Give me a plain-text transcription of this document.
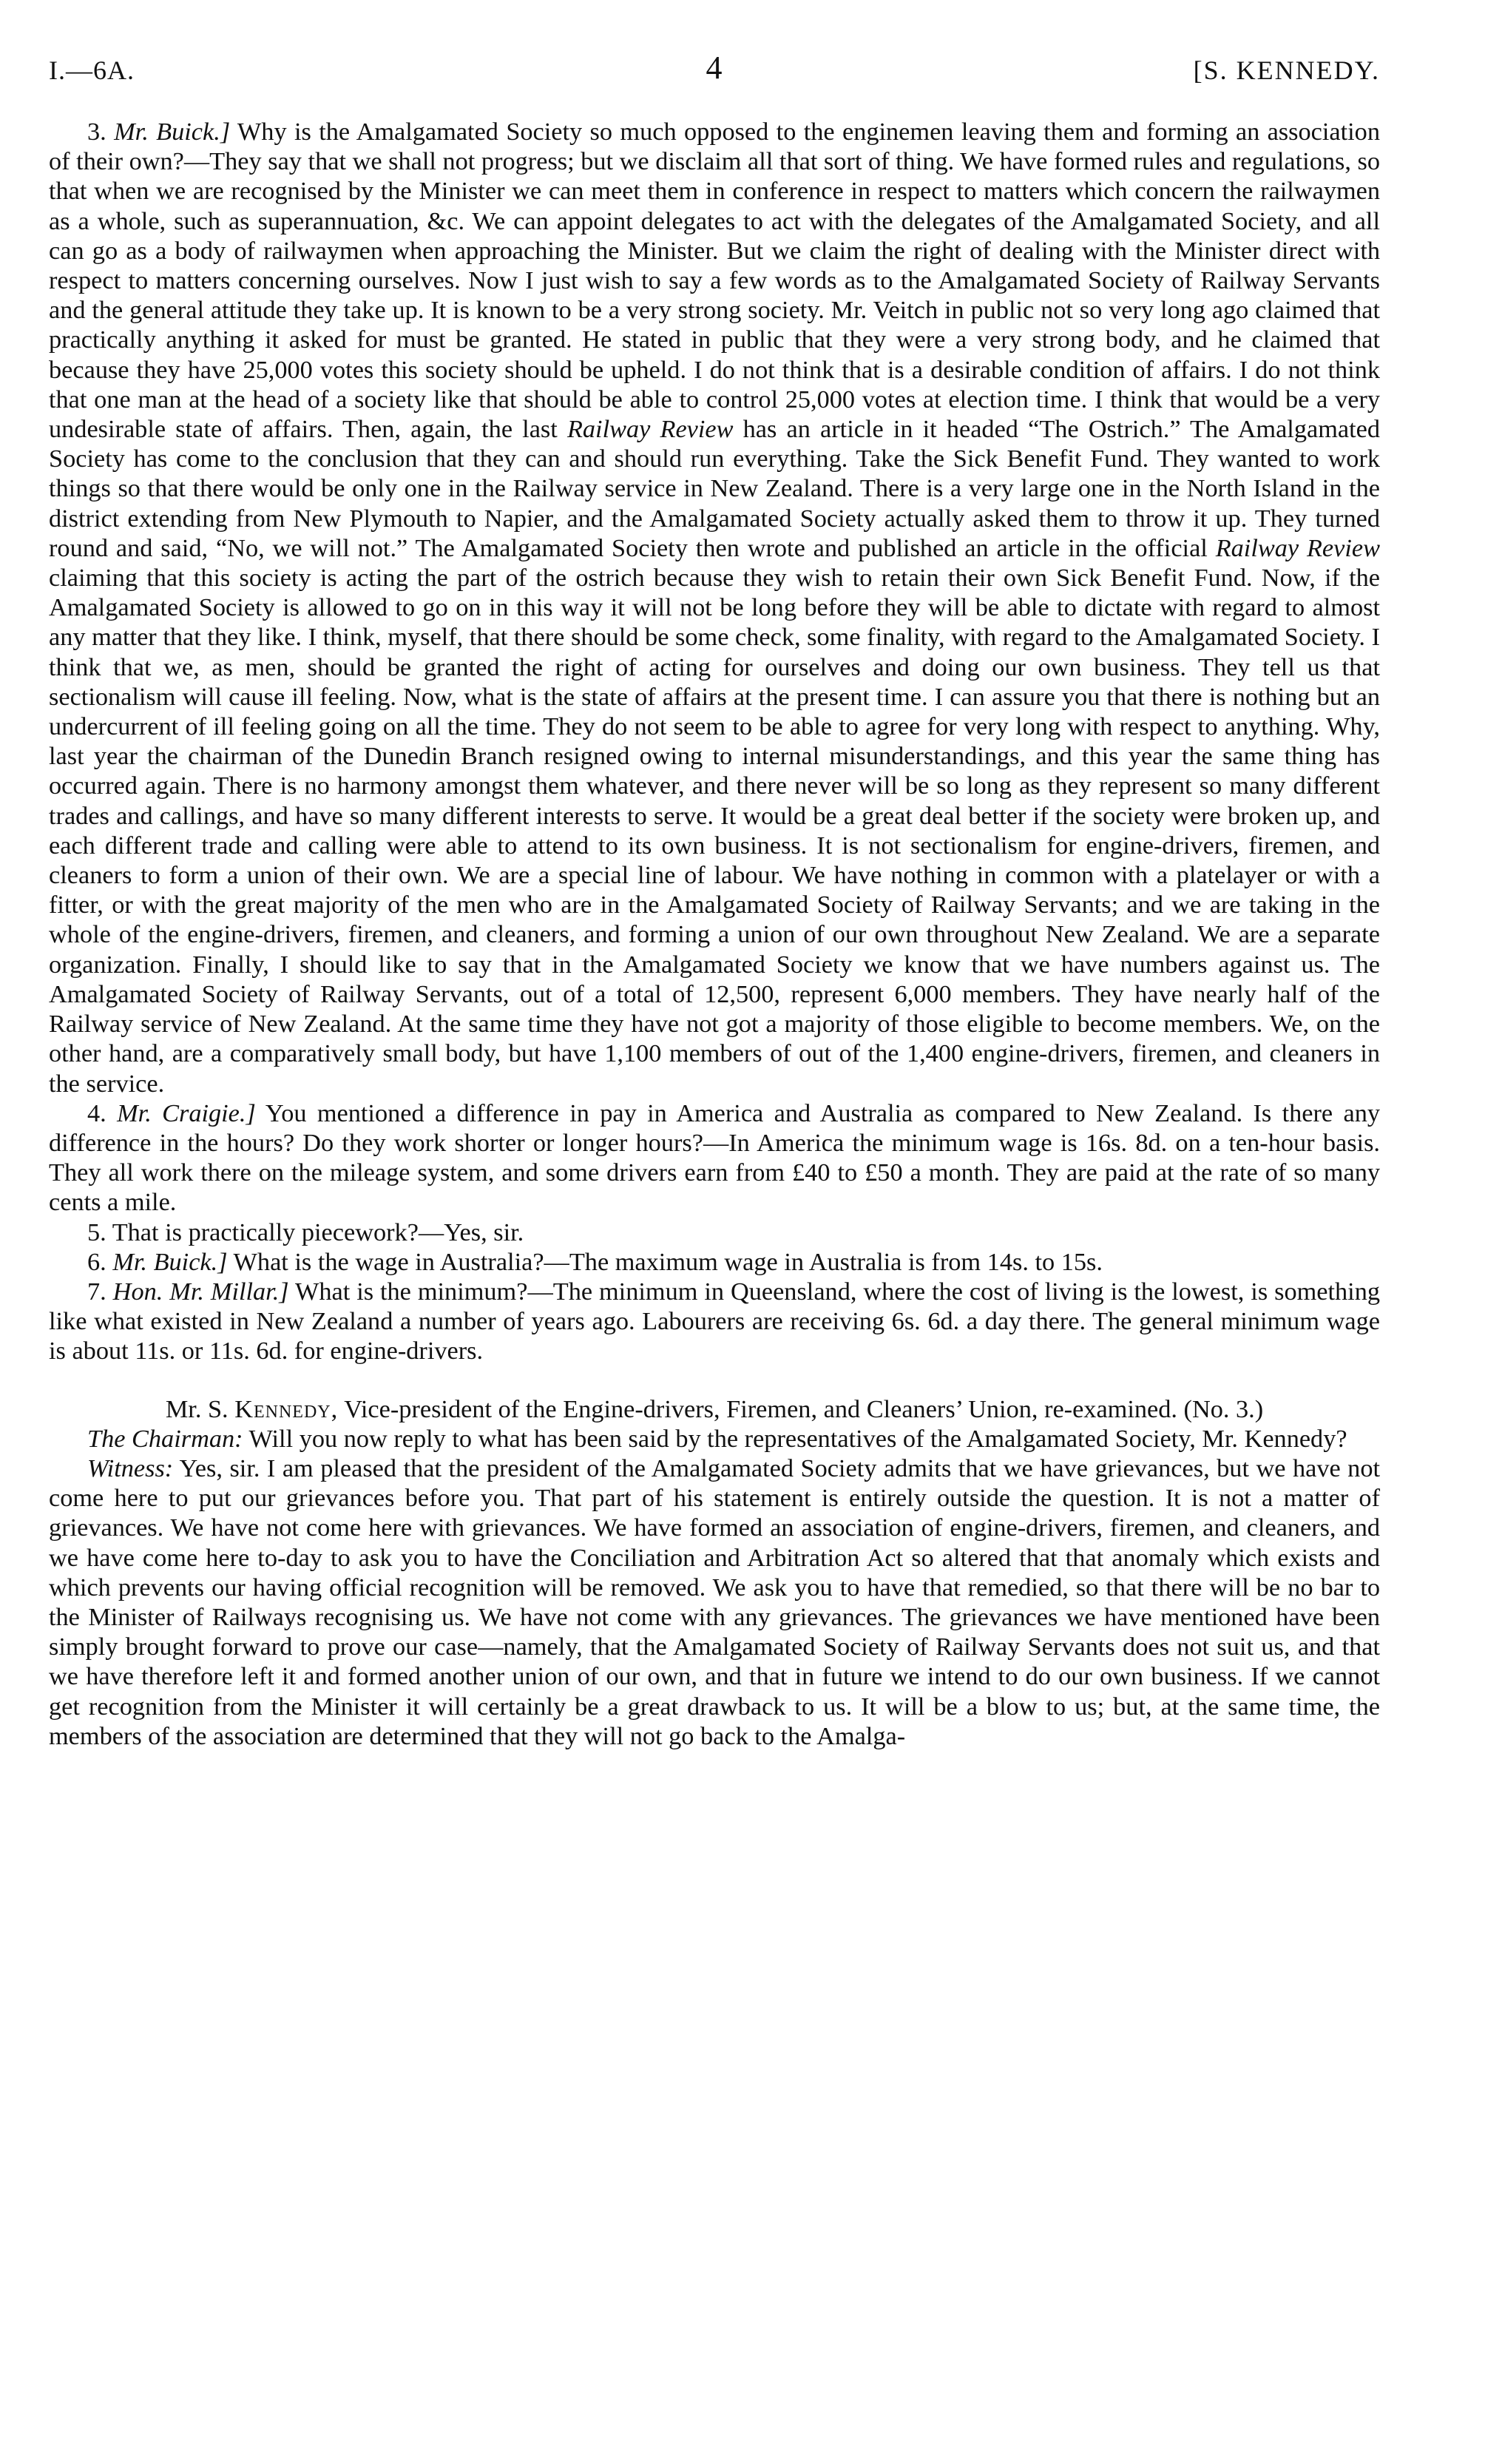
I.—6A.	4	[S. KENNEDY.

3. Mr. Buick.] Why is the Amalgamated Society so much opposed to the enginemen leaving them and forming an association of their own?—They say that we shall not progress; but we disclaim all that sort of thing. We have formed rules and regulations, so that when we are recognised by the Minister we can meet them in conference in respect to matters which concern the railwaymen as a whole, such as superannuation, &c. We can appoint delegates to act with the delegates of the Amalgamated Society, and all can go as a body of railwaymen when approaching the Minister. But we claim the right of dealing with the Minister direct with respect to matters concerning ourselves. Now I just wish to say a few words as to the Amalgamated Society of Railway Servants and the general attitude they take up. It is known to be a very strong society. Mr. Veitch in public not so very long ago claimed that practically anything it asked for must be granted. He stated in public that they were a very strong body, and he claimed that because they have 25,000 votes this society should be upheld. I do not think that is a desirable condition of affairs. I do not think that one man at the head of a society like that should be able to control 25,000 votes at election time. I think that would be a very undesirable state of affairs. Then, again, the last Railway Review has an article in it headed “The Ostrich.” The Amalgamated Society has come to the conclusion that they can and should run everything. Take the Sick Benefit Fund. They wanted to work things so that there would be only one in the Railway service in New Zealand. There is a very large one in the North Island in the district extending from New Plymouth to Napier, and the Amalgamated Society actually asked them to throw it up. They turned round and said, “No, we will not.” The Amalgamated Society then wrote and published an article in the official Railway Review claiming that this society is acting the part of the ostrich because they wish to retain their own Sick Benefit Fund. Now, if the Amalgamated Society is allowed to go on in this way it will not be long before they will be able to dictate with regard to almost any matter that they like. I think, myself, that there should be some check, some finality, with regard to the Amalgamated Society. I think that we, as men, should be granted the right of acting for ourselves and doing our own business. They tell us that sectionalism will cause ill feeling. Now, what is the state of affairs at the present time. I can assure you that there is nothing but an undercurrent of ill feeling going on all the time. They do not seem to be able to agree for very long with respect to anything. Why, last year the chairman of the Dunedin Branch resigned owing to internal misunderstandings, and this year the same thing has occurred again. There is no harmony amongst them whatever, and there never will be so long as they represent so many different trades and callings, and have so many different interests to serve. It would be a great deal better if the society were broken up, and each different trade and calling were able to attend to its own business. It is not sectionalism for engine-drivers, firemen, and cleaners to form a union of their own. We are a special line of labour. We have nothing in common with a platelayer or with a fitter, or with the great majority of the men who are in the Amalgamated Society of Railway Servants; and we are taking in the whole of the engine-drivers, firemen, and cleaners, and forming a union of our own throughout New Zealand. We are a separate organization. Finally, I should like to say that in the Amalgamated Society we know that we have numbers against us. The Amalgamated Society of Railway Servants, out of a total of 12,500, represent 6,000 members. They have nearly half of the Railway service of New Zealand. At the same time they have not got a majority of those eligible to become members. We, on the other hand, are a comparatively small body, but have 1,100 members of out of the 1,400 engine-drivers, firemen, and cleaners in the service.

4. Mr. Craigie.] You mentioned a difference in pay in America and Australia as compared to New Zealand. Is there any difference in the hours? Do they work shorter or longer hours?—In America the minimum wage is 16s. 8d. on a ten-hour basis. They all work there on the mileage system, and some drivers earn from £40 to £50 a month. They are paid at the rate of so many cents a mile.

5. That is practically piecework?—Yes, sir.

6. Mr. Buick.] What is the wage in Australia?—The maximum wage in Australia is from 14s. to 15s.

7. Hon. Mr. Millar.] What is the minimum?—The minimum in Queensland, where the cost of living is the lowest, is something like what existed in New Zealand a number of years ago. Labourers are receiving 6s. 6d. a day there. The general minimum wage is about 11s. or 11s. 6d. for engine-drivers.

Mr. S. Kennedy, Vice-president of the Engine-drivers, Firemen, and Cleaners’ Union, re-examined. (No. 3.)

The Chairman: Will you now reply to what has been said by the representatives of the Amalgamated Society, Mr. Kennedy?

Witness: Yes, sir. I am pleased that the president of the Amalgamated Society admits that we have grievances, but we have not come here to put our grievances before you. That part of his statement is entirely outside the question. It is not a matter of grievances. We have not come here with grievances. We have formed an association of engine-drivers, firemen, and cleaners, and we have come here to-day to ask you to have the Conciliation and Arbitration Act so altered that that anomaly which exists and which prevents our having official recognition will be removed. We ask you to have that remedied, so that there will be no bar to the Minister of Railways recognising us. We have not come with any grievances. The grievances we have mentioned have been simply brought forward to prove our case—namely, that the Amalgamated Society of Railway Servants does not suit us, and that we have therefore left it and formed another union of our own, and that in future we intend to do our own business. If we cannot get recognition from the Minister it will certainly be a great drawback to us. It will be a blow to us; but, at the same time, the members of the association are determined that they will not go back to the Amalga-
